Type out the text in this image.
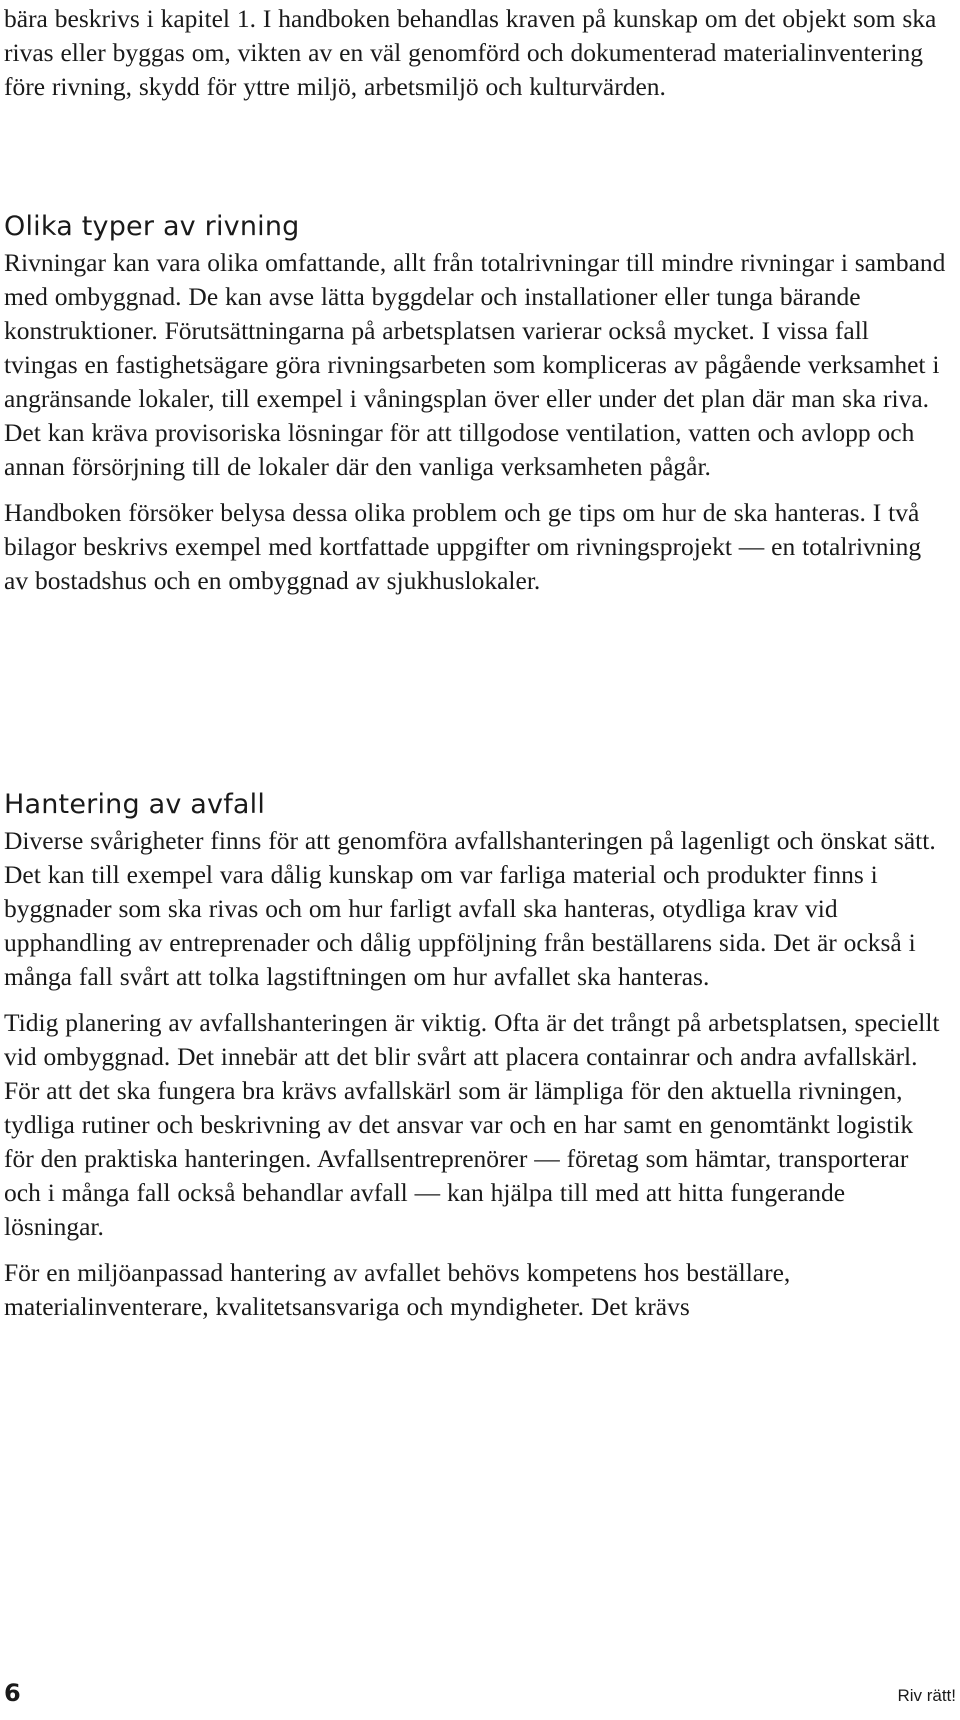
bära beskrivs i kapitel 1. I handboken behandlas kraven på kunskap om det objekt som ska rivas eller byggas om, vikten av en väl genomförd och dokumenterad materialinventering före rivning, skydd för yttre miljö, arbetsmiljö och kulturvärden.

Olika typer av rivning

Rivningar kan vara olika omfattande, allt från totalrivningar till mindre rivningar i samband med ombyggnad. De kan avse lätta byggdelar och installationer eller tunga bärande konstruktioner. Förutsättningarna på arbetsplatsen varierar också mycket. I vissa fall tvingas en fastighetsägare göra rivningsarbeten som kompliceras av pågående verksamhet i angränsande lokaler, till exempel i våningsplan över eller under det plan där man ska riva. Det kan kräva provisoriska lösningar för att tillgodose ventilation, vatten och avlopp och annan försörjning till de lokaler där den vanliga verksamheten pågår.

Handboken försöker belysa dessa olika problem och ge tips om hur de ska hanteras. I två bilagor beskrivs exempel med kortfattade uppgifter om rivningsprojekt — en totalrivning av bostadshus och en ombyggnad av sjukhuslokaler.

Hantering av avfall

Diverse svårigheter finns för att genomföra avfallshanteringen på lagenligt och önskat sätt. Det kan till exempel vara dålig kunskap om var farliga material och produkter finns i byggnader som ska rivas och om hur farligt avfall ska hanteras, otydliga krav vid upphandling av entreprenader och dålig uppföljning från beställarens sida. Det är också i många fall svårt att tolka lagstiftningen om hur avfallet ska hanteras.

Tidig planering av avfallshanteringen är viktig. Ofta är det trångt på arbetsplatsen, speciellt vid ombyggnad. Det innebär att det blir svårt att placera containrar och andra avfallskärl. För att det ska fungera bra krävs avfallskärl som är lämpliga för den aktuella rivningen, tydliga rutiner och beskrivning av det ansvar var och en har samt en genomtänkt logistik för den praktiska hanteringen. Avfallsentreprenörer — företag som hämtar, transporterar och i många fall också behandlar avfall — kan hjälpa till med att hitta fungerande lösningar.

För en miljöanpassad hantering av avfallet behövs kompetens hos beställare, materialinventerare, kvalitetsansvariga och myndigheter. Det krävs

6	Riv rätt!
